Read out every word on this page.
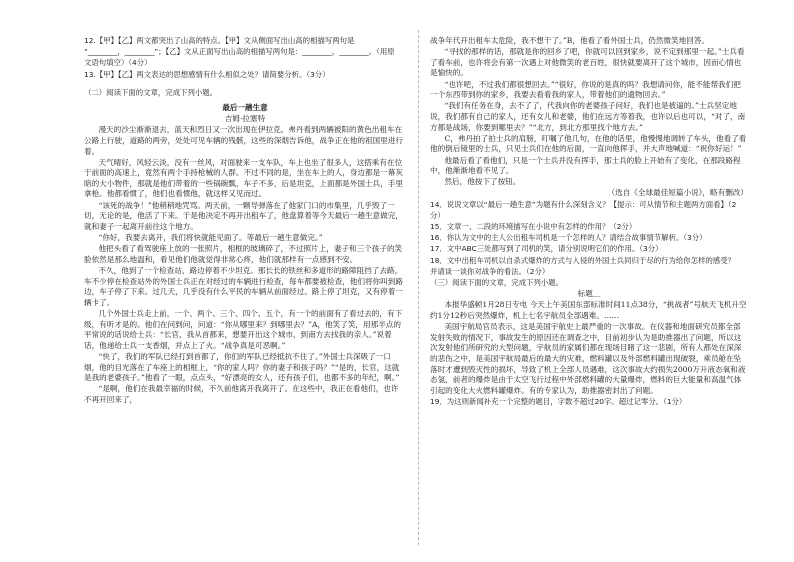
12.【甲】【乙】两文都突出了山高的特点。【甲】文从侧面写出山高的相描写两句是

“________，________”；【乙】文从正面写出山高的相描写两句是：________，________。（用原

文语句填空）（4分）

13.【甲】【乙】两文表达的思想感情有什么相似之处？请简要分析。（3分）

（二）阅读下面的文章，完成下列小题。

最后一趟生意

吉姆·拉塞特

漫天的沙尘渐渐退去，蓝天和烈日又一次出现在伊拉克。弗丹看到两辆被阳的黄色出租车在公路上行驶，道路的两旁，处处可见车辆的残骸，这些的深烟告诉他，战争正在他的祖国里进行着。

天气晴好，风轻云淡，没有一丝风，对面驶来一支车队，车上也坐了很多人，这搭乘有在位于前面的高速上，竟然有两个手持枪械的人群。不过不同的是，坐在车上的人，身边都是一幕灰暗的大小物件，那就是他们带着的一些锅碗瓢，车子不多，后是坦克，上面都是外国士兵，手里拿枪。他都看惯了，他们也看惯他，就这样又见而过。

“该死的战争！”他稍稍地咒骂。两天前，一颗导弹落在了他家门口的市集里，几乎毁了一切，无论的是，他活了下来。于是他决定不再开出租车了，他盘算着等今天最后一趟生意做完，就和妻子一起离开前往这个地方。

“你好，我要去离开，我们将快就能见面了。等最后一趟生意做完。”

他把头看了看驾驶座上放的一张照片，相框的玻璃碎了，不过照片上，妻子和三个孩子的笑脸依然是那么地温和，看见他们他就觉得非常心疼，他们就那样有一点感到不安。

不久，他到了一个检查站，路边停着不少坦克。那长长的铁丝和多道形的路障阻挡了去路，车不少停在检查站外的外国士兵正在对经过的车辆进行检查，每车都要被检查，他们将你叫到路边，车子停了下来。过几天，几乎没有什么平民的车辆从前面经过。路上停了坦克，又有停着一辆卡了。

几个外国士兵走上前，一个、两个、三个、四个、五个，有一个的前面有了看过去的，有下级，有听才是的。他们在问到问，问道：“你从哪里来？到哪里去？”A，他笑了笑，用那半点的平常说的话说给士兵：“长官，我从首都来，想要开出这个城市，到南方去找我的亲人。”说着话，他递给士兵一支香烟，并点上了火。“战争真是可恶啊。”

“快了，我们的军队已经打到首都了，你们的军队已经抵抗不住了。”外国士兵深吸了一口烟，他的目光落在了车座上的相框上，“你的家人吗？你的妻子和孩子吗？”“是的，长官，这就是我的老婆孩子。”他看了一眼，点点头，“好漂亮的女人，还有孩子们，也都不多的年纪，啊。”

“是啊，他们在我最幸福的时候，不久前他离开我离开了。在这些中，我正在看他们，也许不再开回来了，

战争年代开出租车太危险，我不想干了。”B，他看了看外国士兵，仍然微笑地回答。

“寻找的那样的话，那就是你的回乡了吧，你就可以回到家乡，说不定到那里一起。”士兵看了看车前，也许将会有第一次遇上对他微笑的老百姓，很快就要离开了这个城市，因而心情也是愉快的。

“也许吧，不过我们都很想回去。”“很好，你说的是真的吗？我想请问你，能不能帮我们把一个东西带到你的家乡，我要去看看我的家人，带着他们的遗物回去。”

“我们有任务在身，去不了了，代我向你的老婆孩子问好，我们也是被逼的。”士兵坚定地说，我们都有自己的家人，还有女儿和老婆，他们在远方等着我，也许以后也可以，“对了，南方都是战场，你要到哪里去？”“北方，到北方那里找个地方去。”

C，弗丹拍了拍士兵的肩膀，叮嘱了他几句，在他的话里，他慢慢地调转了车头，他看了看他的倒后镜里的士兵，只见士兵们在他的后面，一直向他挥手，并大声地喊道：“祝你好运！”

他最后看了看他们，只是一个士兵并没有挥手，那士兵的脸上开始有了变化，在那段路程中，他渐渐地看不见了。

然后，他按下了按钮。

（选自《全球最佳短篇小说》，略有删改）

14．说说文章以“最后一趟生意”为题有什么深刻含义？【提示：可从情节和主题两方面看】（2

分）

15．文章一、二段的环境描写在小说中有怎样的作用？（2分）

16．你认为文中的主人公出租车司机是一个怎样的人？请结合故事情节解析。（3分）

17．文中ABC三处都写到了司机的笑，请分别说明它们的作用。（3分）

18．文中出租车司机以自杀式爆炸的方式与入侵的外国士兵同归于尽的行为给你怎样的感受？

并请谈一谈你对战争的看法。（2分）

（三）阅读下面的文章，完成下列小题。

标题＿

本报华盛顿1月28日专电 今天上午美国东部标准时间11点38分，“挑战者”号航天飞机升空约1分12秒后突然爆炸，机上七名宇航员全部遇难。……

美国宇航局官员表示，这是美国宇航史上最严重的一次事故。在仪器和地面研究员都全部发射失败的情况下，事故发生的原因还在调查之中，目前初步认为是助推器出了问题，所以这次发射他们所研究的大型问题，宇航员的家属们都在现场目睹了这一悲剧，所有人都处在深深的悲伤之中，是美国宇航局最后的最大的灾难，燃料罐以及外部燃料罐出现破裂，乘员舱在坠落时才遭到毁灭性的损坏，导致了机上全部人员遇难，这次事故大约损失2000万升液态氧和液态氢，前者的爆炸是由于太空飞行过程中外部燃料罐的大量爆炸，燃料的巨大能量和高温气体引起的变化大火燃料罐爆炸。有的专家认为，助推器密封出了问题。

19．为这则新闻补充一个完整的题目，字数不超过20字。超过记零分。（1分）
